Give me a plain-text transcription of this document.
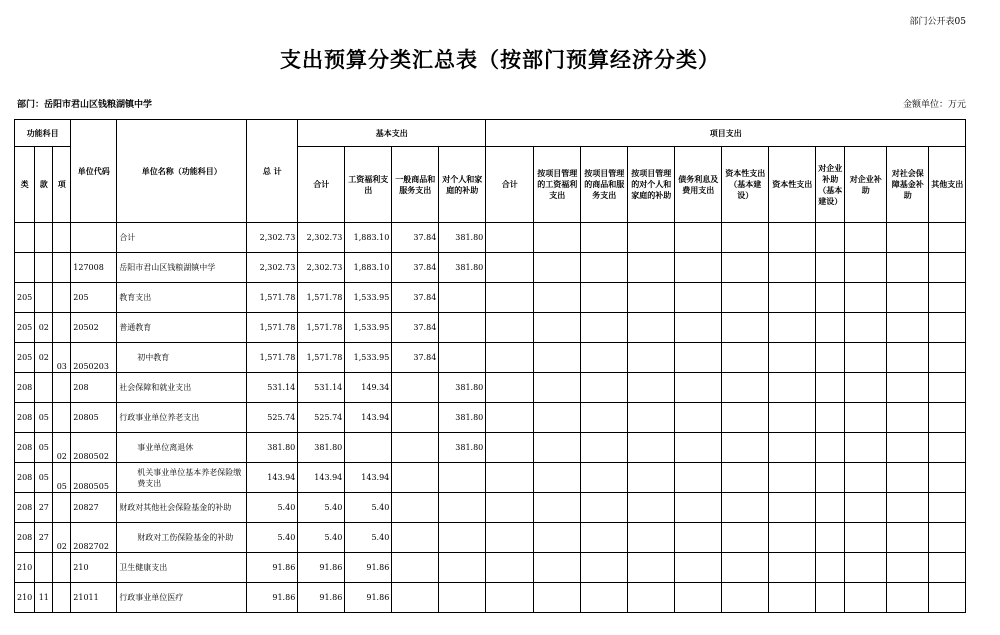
部门公开表05
支出预算分类汇总表（按部门预算经济分类）
部门：岳阳市君山区钱粮湖镇中学	金额单位：万元
功能科目			单位代码	单位名称（功能科目）	总 计	基本支出				项目支出										
类	款	项				合计	工资福利支出	一般商品和服务支出	对个人和家庭的补助	合计	按项目管理的工资福利支出	按项目管理的商品和服务支出	按项目管理的对个人和家庭的补助	债务利息及费用支出	资本性支出（基本建设）	资本性支出	对企业补助（基本建设）	对企业补助	对社会保障基金补助	其他支出
				合计	2,302.73	2,302.73	1,883.10	37.84	381.80											
			127008	岳阳市君山区钱粮湖镇中学	2,302.73	2,302.73	1,883.10	37.84	381.80											
205			205	教育支出	1,571.78	1,571.78	1,533.95	37.84												
205	02		20502	普通教育	1,571.78	1,571.78	1,533.95	37.84												
205	02	03	2050203	初中教育	1,571.78	1,571.78	1,533.95	37.84												
208			208	社会保障和就业支出	531.14	531.14	149.34		381.80											
208	05		20805	行政事业单位养老支出	525.74	525.74	143.94		381.80											
208	05	02	2080502	事业单位离退休	381.80	381.80			381.80											
208	05	05	2080505	机关事业单位基本养老保险缴费支出	143.94	143.94	143.94													
208	27		20827	财政对其他社会保险基金的补助	5.40	5.40	5.40													
208	27	02	2082702	财政对工伤保险基金的补助	5.40	5.40	5.40													
210			210	卫生健康支出	91.86	91.86	91.86													
210	11		21011	行政事业单位医疗	91.86	91.86	91.86													
